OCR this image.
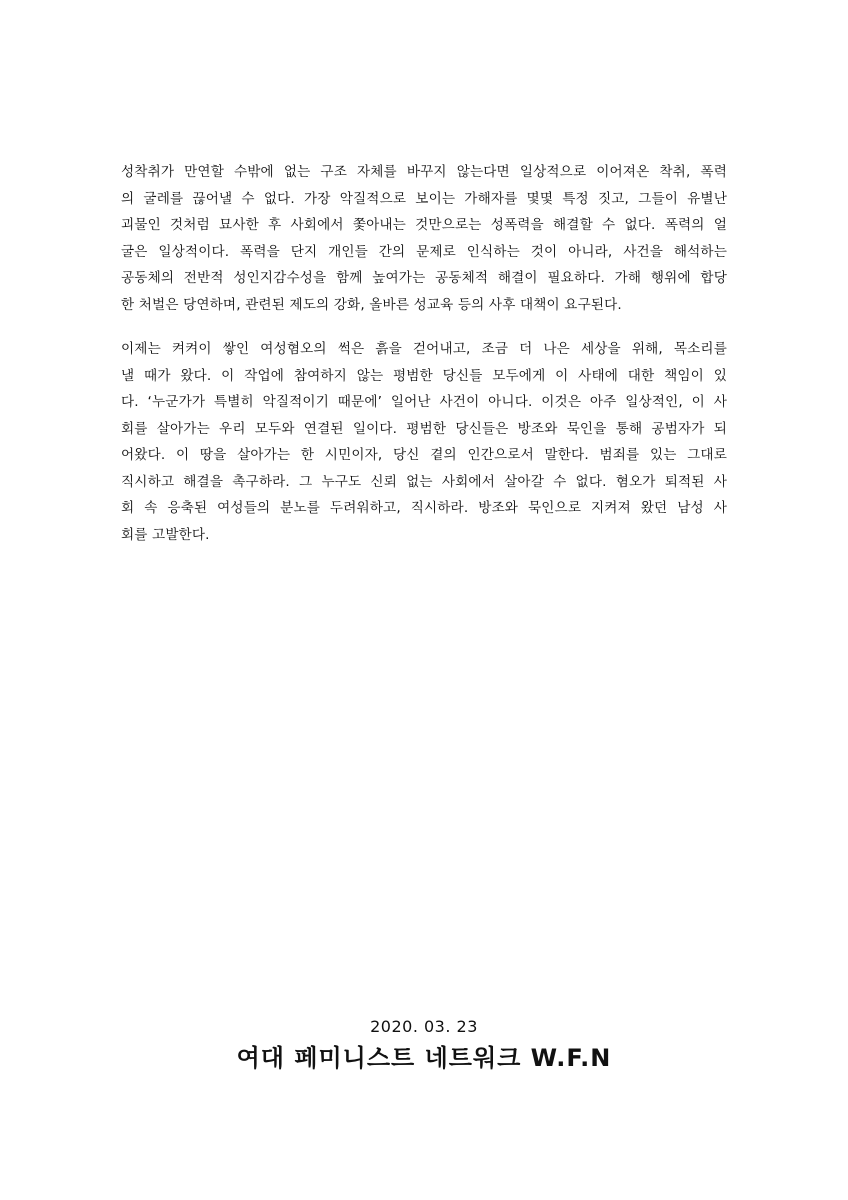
성착취가 만연할 수밖에 없는 구조 자체를 바꾸지 않는다면 일상적으로 이어져온 착취, 폭력
의 굴레를 끊어낼 수 없다. 가장 악질적으로 보이는 가해자를 몇몇 특정 짓고, 그들이 유별난
괴물인 것처럼 묘사한 후 사회에서 쫓아내는 것만으로는 성폭력을 해결할 수 없다. 폭력의 얼
굴은 일상적이다. 폭력을 단지 개인들 간의 문제로 인식하는 것이 아니라, 사건을 해석하는
공동체의 전반적 성인지감수성을 함께 높여가는 공동체적 해결이 필요하다. 가해 행위에 합당
한 처벌은 당연하며, 관련된 제도의 강화, 올바른 성교육 등의 사후 대책이 요구된다.

이제는 켜켜이 쌓인 여성혐오의 썩은 흙을 걷어내고, 조금 더 나은 세상을 위해, 목소리를
낼 때가 왔다. 이 작업에 참여하지 않는 평범한 당신들 모두에게 이 사태에 대한 책임이 있
다. ‘누군가가 특별히 악질적이기 때문에’ 일어난 사건이 아니다. 이것은 아주 일상적인, 이 사
회를 살아가는 우리 모두와 연결된 일이다. 평범한 당신들은 방조와 묵인을 통해 공범자가 되
어왔다. 이 땅을 살아가는 한 시민이자, 당신 곁의 인간으로서 말한다. 범죄를 있는 그대로
직시하고 해결을 촉구하라. 그 누구도 신뢰 없는 사회에서 살아갈 수 없다. 혐오가 퇴적된 사
회 속 응축된 여성들의 분노를 두려워하고, 직시하라. 방조와 묵인으로 지켜져 왔던 남성 사
회를 고발한다.

2020. 03. 23

여대 페미니스트 네트워크 W.F.N
